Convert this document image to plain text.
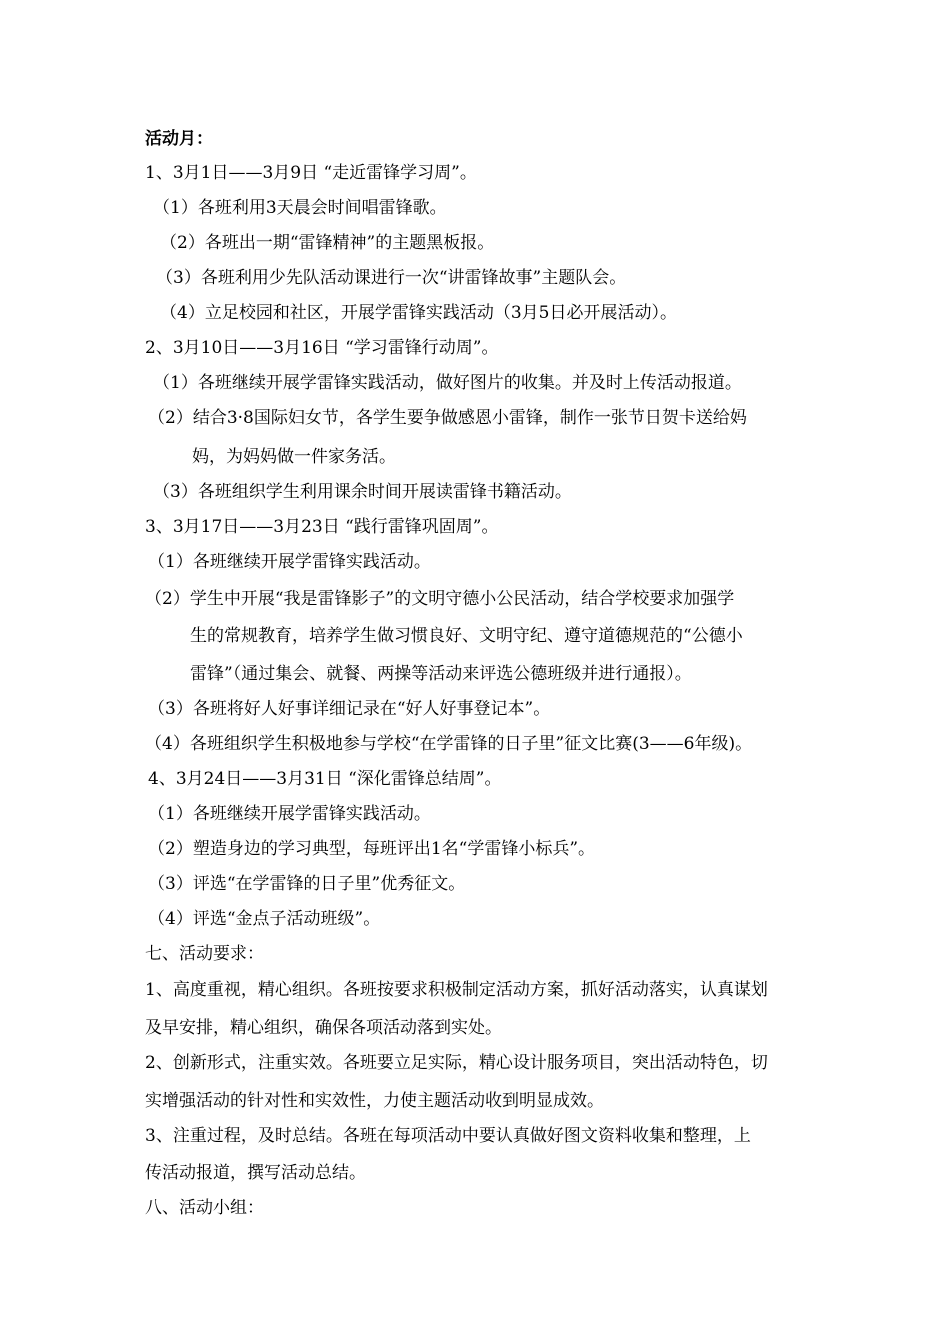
活动月：
1、3月1日——3月9日 “走近雷锋学习周”。
（1）各班利用3天晨会时间唱雷锋歌。
（2）各班出一期“雷锋精神”的主题黑板报。
（3）各班利用少先队活动课进行一次“讲雷锋故事”主题队会。
（4）立足校园和社区，开展学雷锋实践活动（3月5日必开展活动）。
2、3月10日——3月16日 “学习雷锋行动周”。
（1）各班继续开展学雷锋实践活动，做好图片的收集。并及时上传活动报道。
（2）结合3·8国际妇女节，各学生要争做感恩小雷锋，制作一张节日贺卡送给妈
妈，为妈妈做一件家务活。
（3）各班组织学生利用课余时间开展读雷锋书籍活动。
3、3月17日——3月23日 “践行雷锋巩固周”。
（1）各班继续开展学雷锋实践活动。
（2）学生中开展“我是雷锋影子”的文明守德小公民活动，结合学校要求加强学
生的常规教育，培养学生做习惯良好、文明守纪、遵守道德规范的“公德小
雷锋”（通过集会、就餐、两操等活动来评选公德班级并进行通报）。
（3）各班将好人好事详细记录在“好人好事登记本”。
（4）各班组织学生积极地参与学校“在学雷锋的日子里”征文比赛(3——6年级)。
4、3月24日——3月31日 “深化雷锋总结周”。
（1）各班继续开展学雷锋实践活动。
（2）塑造身边的学习典型，每班评出1名“学雷锋小标兵”。
（3）评选“在学雷锋的日子里”优秀征文。
（4）评选“金点子活动班级”。
七、活动要求：
1、高度重视，精心组织。各班按要求积极制定活动方案，抓好活动落实，认真谋划
及早安排，精心组织，确保各项活动落到实处。
2、创新形式，注重实效。各班要立足实际，精心设计服务项目，突出活动特色，切
实增强活动的针对性和实效性，力使主题活动收到明显成效。
3、注重过程，及时总结。各班在每项活动中要认真做好图文资料收集和整理，上
传活动报道，撰写活动总结。
八、活动小组：
